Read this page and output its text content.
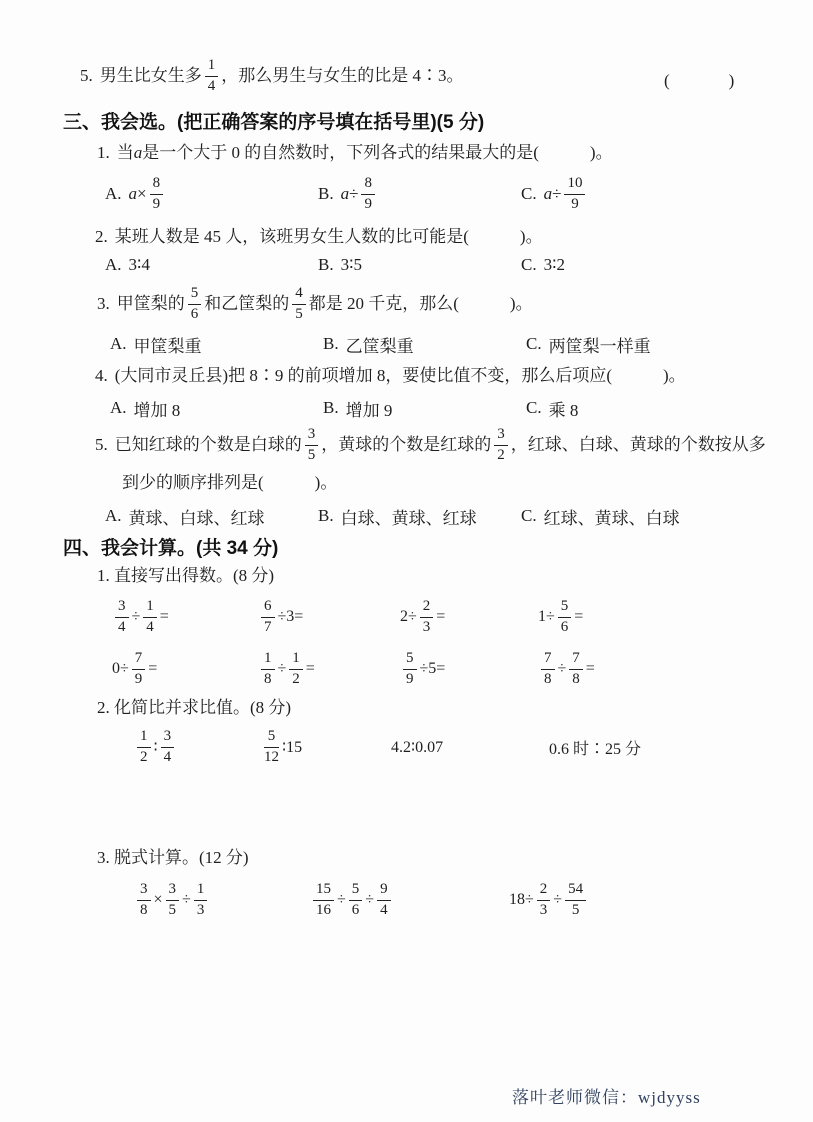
5. 男生比女生多 $\frac{1}{4}$ ，那么男生与女生的比是 4∶3。	(　　　)
三、我会选。(把正确答案的序号填在括号里)(5 分)
1. 当 a 是一个大于 0 的自然数时，下列各式的结果最大的是(　　　)。
A. $a \times \frac{8}{9}$	B. $a \div \frac{8}{9}$	C. $a \div \frac{10}{9}$
2. 某班人数是 45 人，该班男女生人数的比可能是(　　　)。
A. 3∶4	B. 3∶5	C. 3∶2
3. 甲筐梨的 $\frac{5}{6}$ 和乙筐梨的 $\frac{4}{5}$ 都是 20 千克，那么(　　　)。
A. 甲筐梨重	B. 乙筐梨重	C. 两筐梨一样重
4. (大同市灵丘县)把 8∶9 的前项增加 8，要使比值不变，那么后项应(　　　)。
A. 增加 8	B. 增加 9	C. 乘 8
5. 已知红球的个数是白球的 $\frac{3}{5}$ ，黄球的个数是红球的 $\frac{3}{2}$ ，红球、白球、黄球的个数按从多
到少的顺序排列是(　　　)。
A. 黄球、白球、红球	B. 白球、黄球、红球	C. 红球、黄球、白球
四、我会计算。(共 34 分)
1. 直接写出得数。(8 分)
$\frac{3}{4} \div \frac{1}{4}$ =	$\frac{6}{7} \div 3=$	$2\div \frac{2}{3}$ =	$1\div \frac{5}{6}$ =
$0\div \frac{7}{9}$ =	$\frac{1}{8} \div \frac{1}{2}$ =	$\frac{5}{9} \div 5=$	$\frac{7}{8} \div \frac{7}{8}$ =
2. 化简比并求比值。(8 分)
$\frac{1}{2}$ ∶ $\frac{3}{4}$	$\frac{5}{12}$ ∶15	4.2∶0.07	0.6 时∶25 分
3. 脱式计算。(12 分)
$\frac{3}{8} \times \frac{3}{5} \div \frac{1}{3}$	$\frac{15}{16} \div \frac{5}{6} \div \frac{9}{4}$	$18\div \frac{2}{3} \div \frac{54}{5}$
落叶老师微信：wjdyyss
